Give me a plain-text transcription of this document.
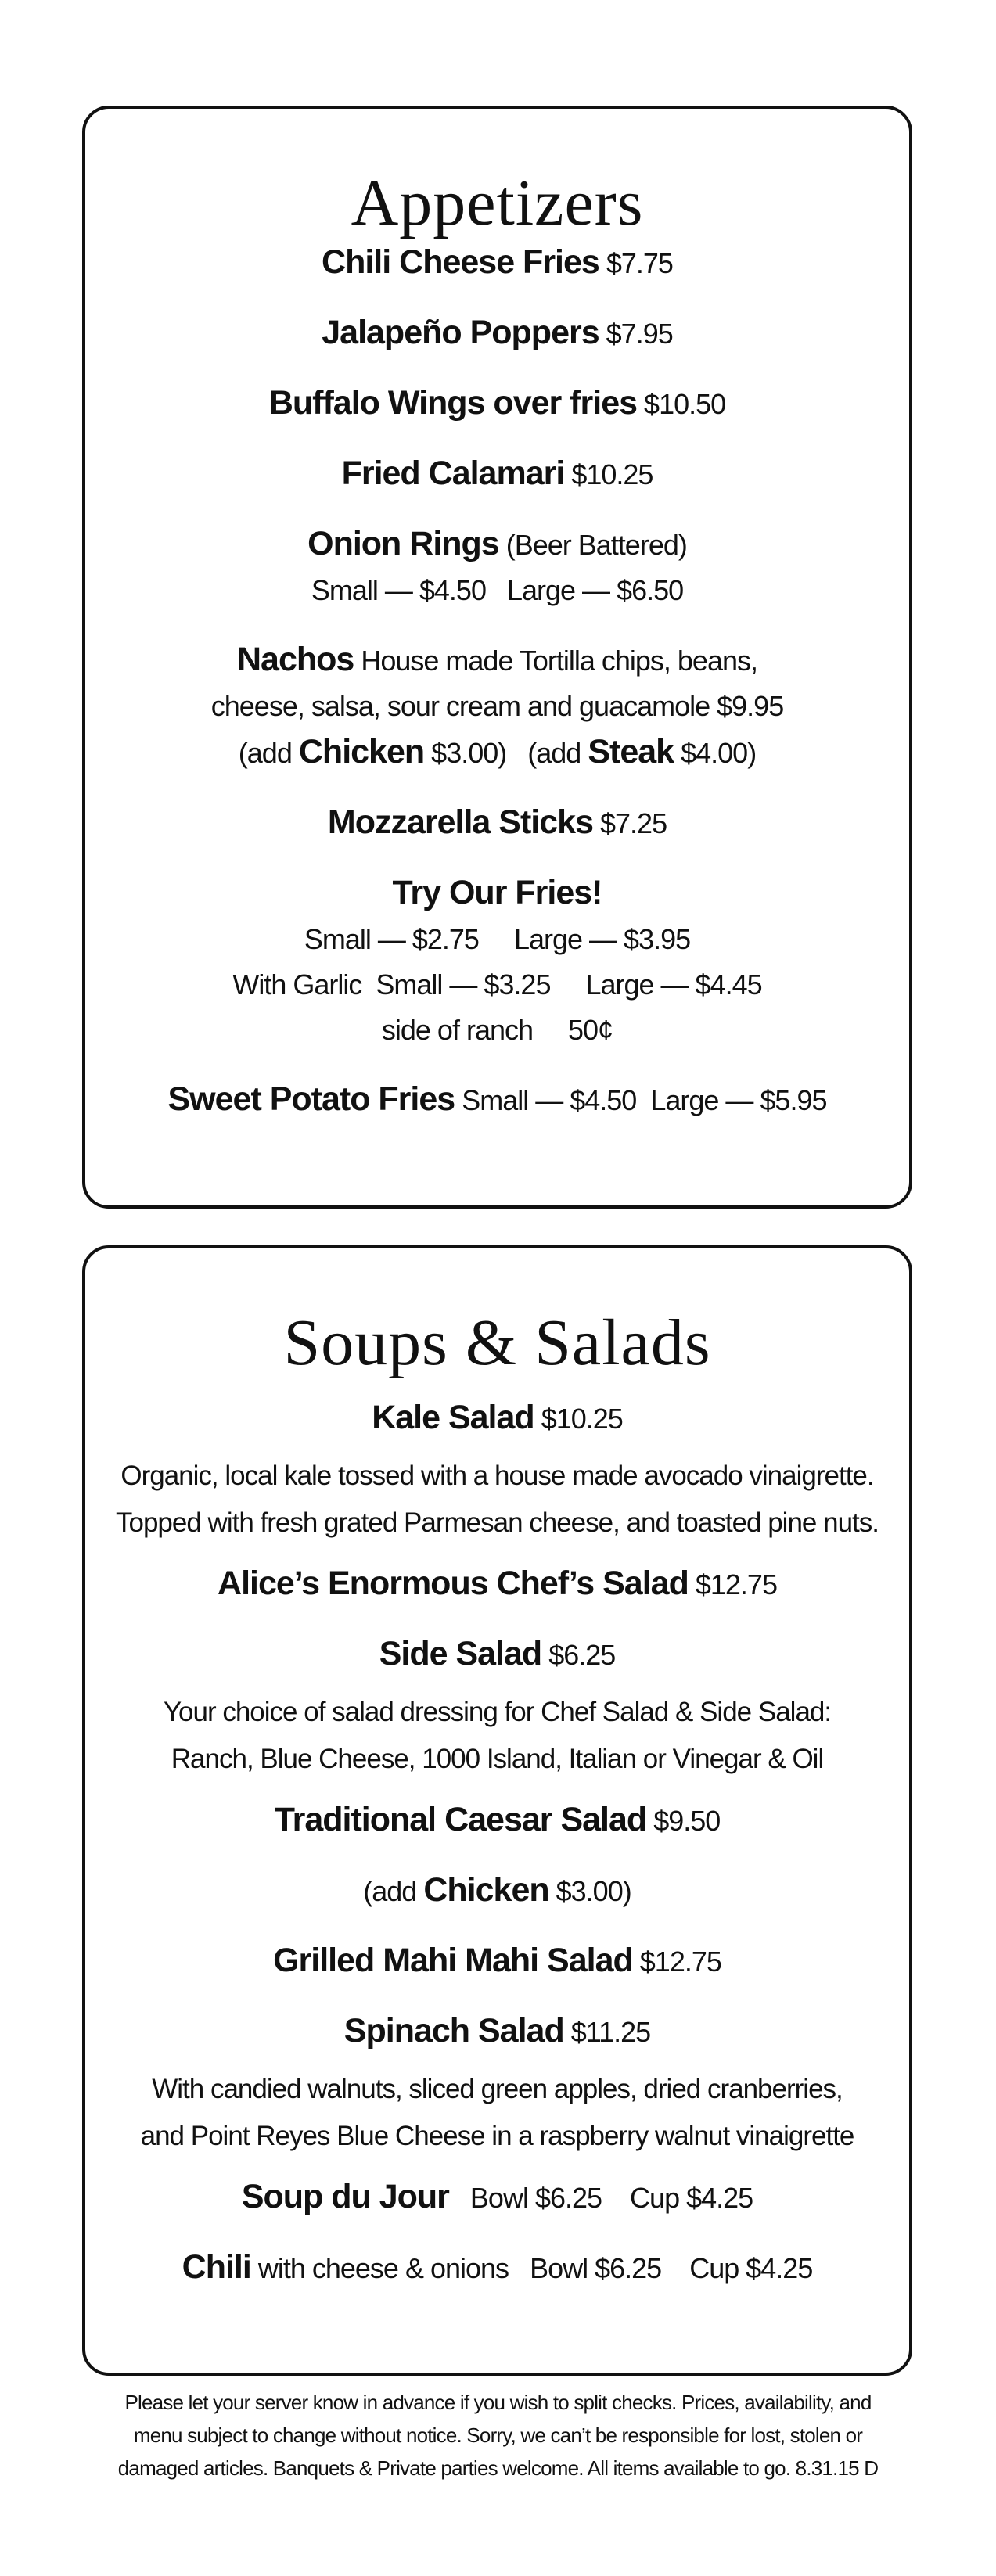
Appetizers
Chili Cheese Fries $7.75
Jalapeño Poppers $7.95
Buffalo Wings over fries $10.50
Fried Calamari $10.25
Onion Rings (Beer Battered)
Small — $4.50   Large — $6.50
Nachos House made Tortilla chips, beans,
cheese, salsa, sour cream and guacamole $9.95
(add Chicken $3.00) (add Steak $4.00)
Mozzarella Sticks $7.25
Try Our Fries!
Small — $2.75     Large — $3.95
With Garlic  Small — $3.25     Large — $4.45
side of ranch     50¢
Sweet Potato Fries Small — $4.50  Large — $5.95
Soups & Salads
Kale Salad $10.25
Organic, local kale tossed with a house made avocado vinaigrette.
Topped with fresh grated Parmesan cheese, and toasted pine nuts.
Alice’s Enormous Chef’s Salad $12.75
Side Salad $6.25
Your choice of salad dressing for Chef Salad & Side Salad:
Ranch, Blue Cheese, 1000 Island, Italian or Vinegar & Oil
Traditional Caesar Salad $9.50
(add Chicken $3.00)
Grilled Mahi Mahi Salad $12.75
Spinach Salad $11.25
With candied walnuts, sliced green apples, dried cranberries,
and Point Reyes Blue Cheese in a raspberry walnut vinaigrette
Soup du Jour Bowl $6.25    Cup $4.25
Chili with cheese & onions Bowl $6.25    Cup $4.25
Please let your server know in advance if you wish to split checks. Prices, availability, and
menu subject to change without notice. Sorry, we can’t be responsible for lost, stolen or
damaged articles. Banquets & Private parties welcome. All items available to go. 8.31.15 D
